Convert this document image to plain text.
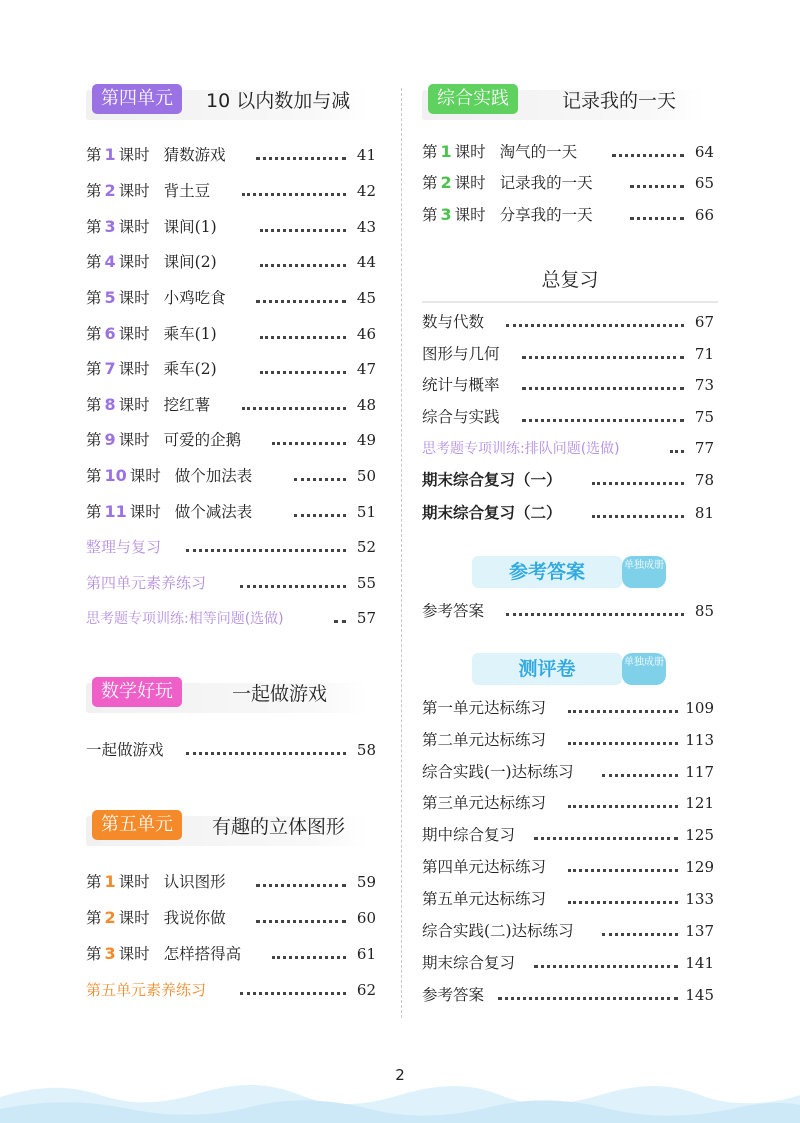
第四单元	10 以内数加与减
第 1 课时 猜数游戏	41
第 2 课时 背土豆	42
第 3 课时 课间(1)	43
第 4 课时 课间(2)	44
第 5 课时 小鸡吃食	45
第 6 课时 乘车(1)	46
第 7 课时 乘车(2)	47
第 8 课时 挖红薯	48
第 9 课时 可爱的企鹅	49
第 10 课时 做个加法表	50
第 11 课时 做个减法表	51
整理与复习	52
第四单元素养练习	55
思考题专项训练:相等问题(选做)	57
数学好玩	一起做游戏
一起做游戏	58
第五单元	有趣的立体图形
第 1 课时 认识图形	59
第 2 课时 我说你做	60
第 3 课时 怎样搭得高	61
第五单元素养练习	62
综合实践	记录我的一天
第 1 课时 淘气的一天	64
第 2 课时 记录我的一天	65
第 3 课时 分享我的一天	66
总复习
数与代数	67
图形与几何	71
统计与概率	73
综合与实践	75
思考题专项训练:排队问题(选做)	77
期末综合复习（一）	78
期末综合复习（二）	81
参考答案	单独成册
参考答案	85
测评卷	单独成册
第一单元达标练习	109
第二单元达标练习	113
综合实践(一)达标练习	117
第三单元达标练习	121
期中综合复习	125
第四单元达标练习	129
第五单元达标练习	133
综合实践(二)达标练习	137
期末综合复习	141
参考答案	145
2
